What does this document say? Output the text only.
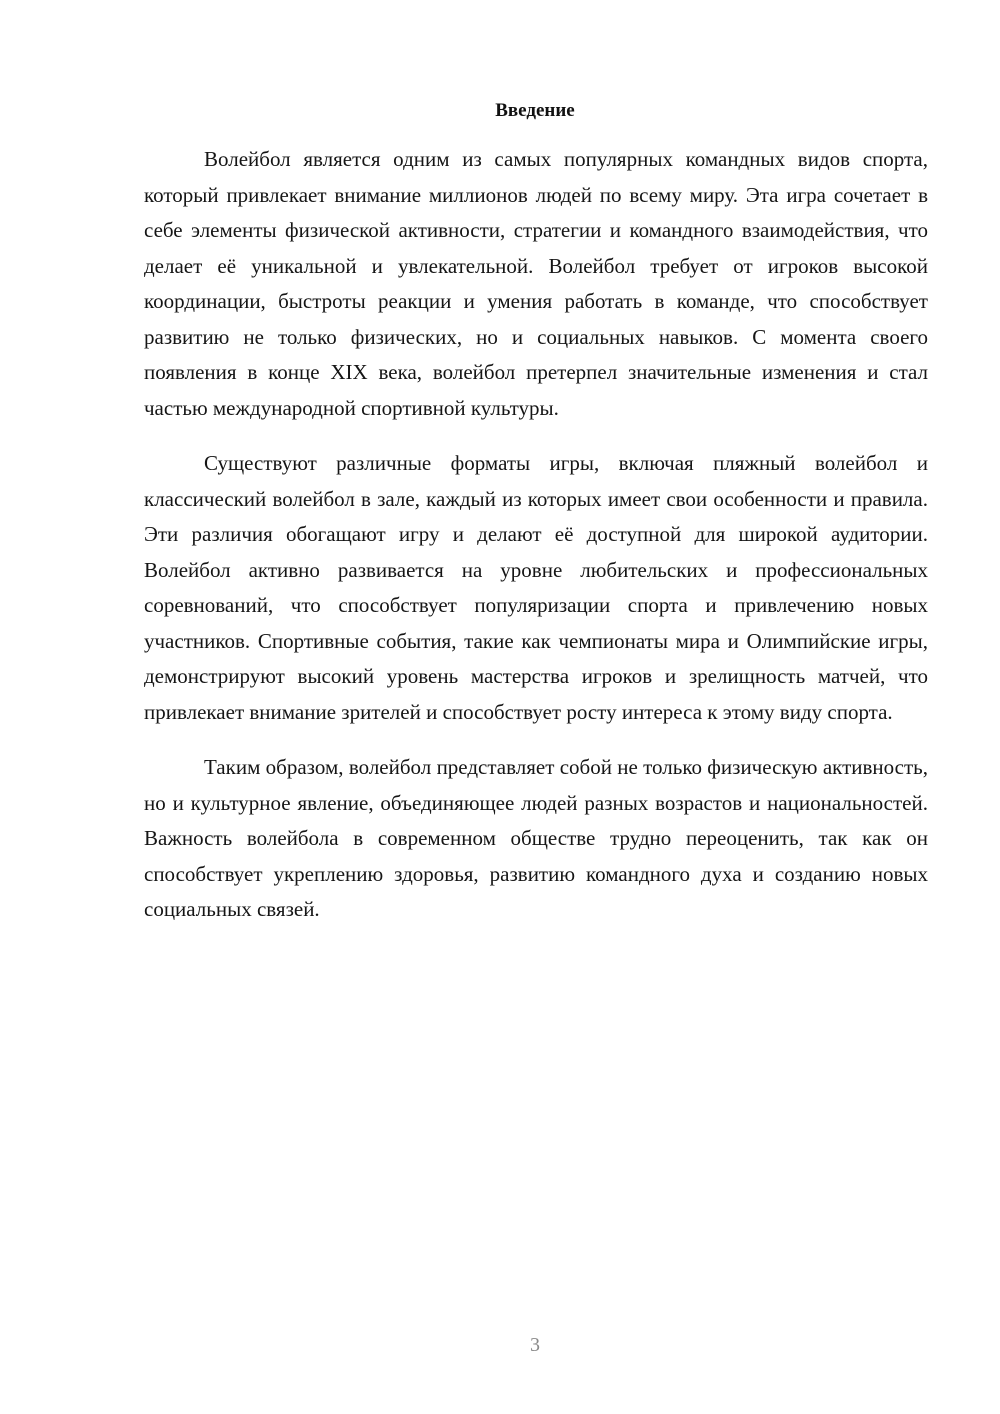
Введение

Волейбол является одним из самых популярных командных видов спорта, который привлекает внимание миллионов людей по всему миру. Эта игра сочетает в себе элементы физической активности, стратегии и командного взаимодействия, что делает её уникальной и увлекательной. Волейбол требует от игроков высокой координации, быстроты реакции и умения работать в команде, что способствует развитию не только физических, но и социальных навыков. С момента своего появления в конце XIX века, волейбол претерпел значительные изменения и стал частью международной спортивной культуры.

Существуют различные форматы игры, включая пляжный волейбол и классический волейбол в зале, каждый из которых имеет свои особенности и правила. Эти различия обогащают игру и делают её доступной для широкой аудитории. Волейбол активно развивается на уровне любительских и профессиональных соревнований, что способствует популяризации спорта и привлечению новых участников. Спортивные события, такие как чемпионаты мира и Олимпийские игры, демонстрируют высокий уровень мастерства игроков и зрелищность матчей, что привлекает внимание зрителей и способствует росту интереса к этому виду спорта.

Таким образом, волейбол представляет собой не только физическую активность, но и культурное явление, объединяющее людей разных возрастов и национальностей. Важность волейбола в современном обществе трудно переоценить, так как он способствует укреплению здоровья, развитию командного духа и созданию новых социальных связей.

3
